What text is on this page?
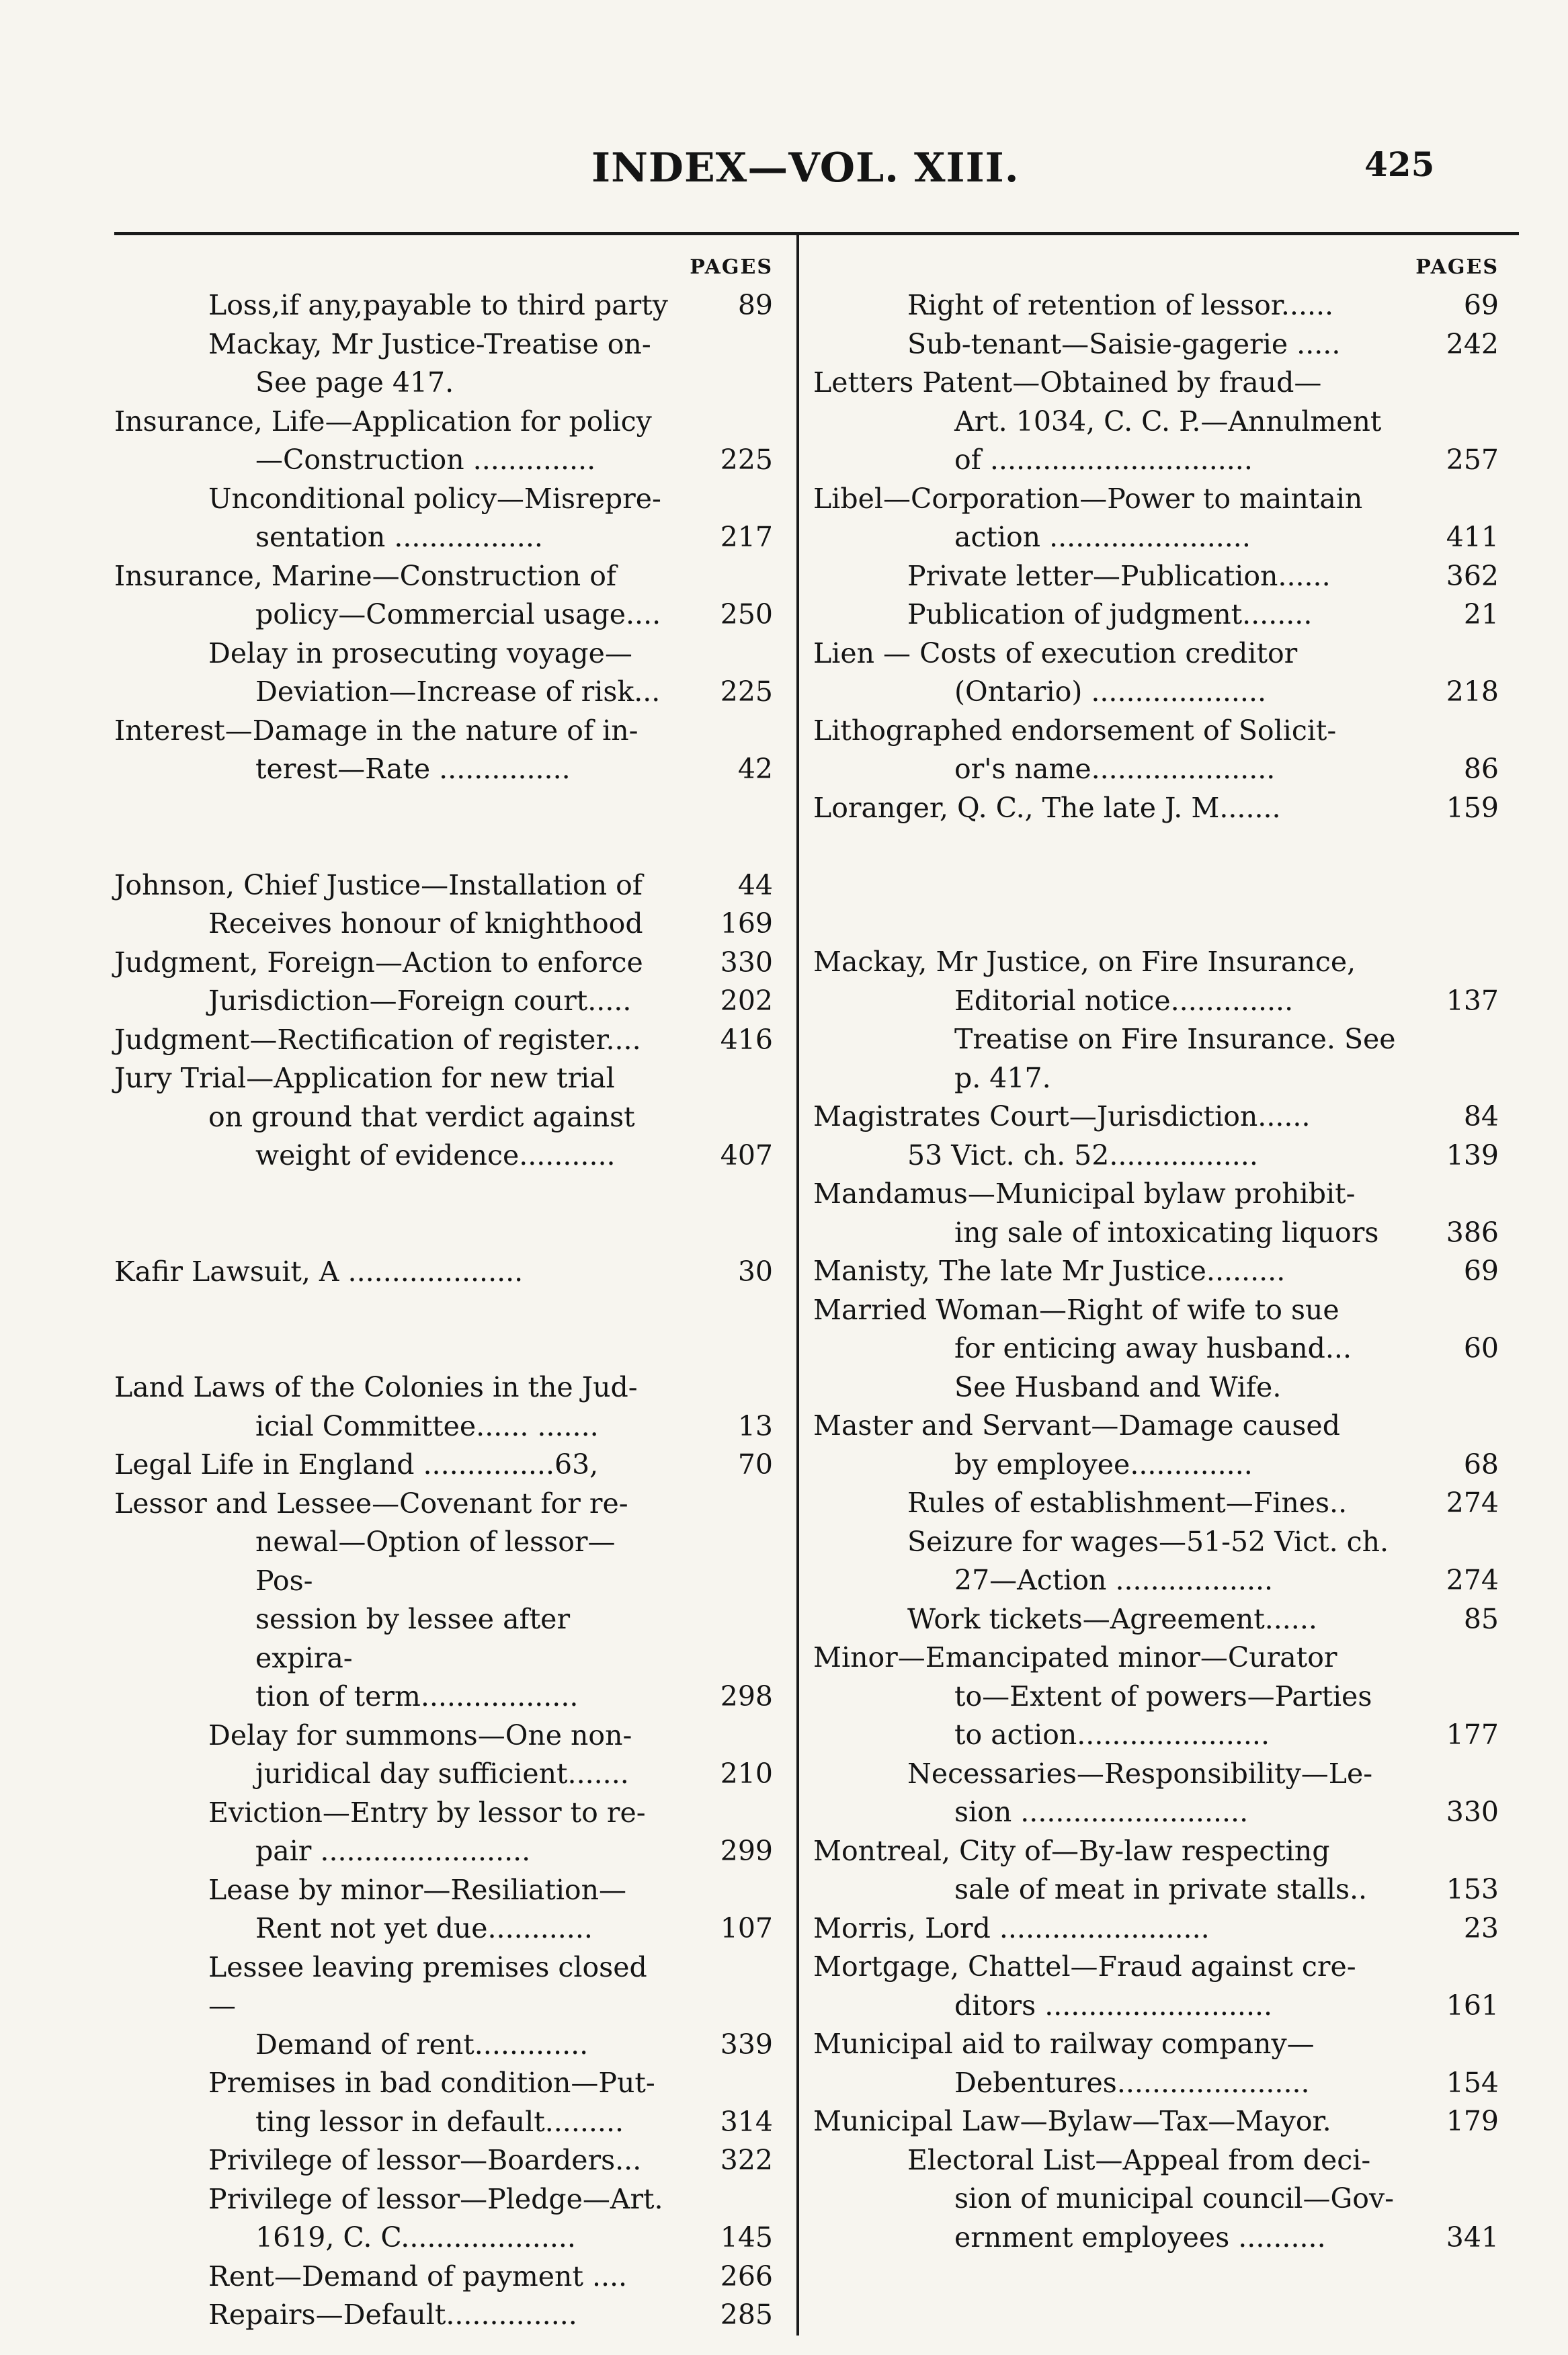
INDEX—VOL. XIII.	425
PAGES
Loss,if any,payable to third party	89
Mackay, Mr Justice-Treatise on-
See page 417.
Insurance, Life—Application for policy
—Construction ..............	225
Unconditional policy—Misrepre-
sentation .................	217
Insurance, Marine—Construction of
policy—Commercial usage....	250
Delay in prosecuting voyage—
Deviation—Increase of risk...	225
Interest—Damage in the nature of in-
terest—Rate ...............	42
Johnson, Chief Justice—Installation of	44
Receives honour of knighthood	169
Judgment, Foreign—Action to enforce	330
Jurisdiction—Foreign court.....	202
Judgment—Rectification of register....	416
Jury Trial—Application for new trial
on ground that verdict against
weight of evidence...........	407
Kafir Lawsuit, A ....................	30
Land Laws of the Colonies in the Jud-
icial Committee...... .......	13
Legal Life in England ...............63,	70
Lessor and Lessee—Covenant for re-
newal—Option of lessor—Pos-
session by lessee after expira-
tion of term..................	298
Delay for summons—One non-
juridical day sufficient.......	210
Eviction—Entry by lessor to re-
pair ........................	299
Lease by minor—Resiliation—
Rent not yet due............	107
Lessee leaving premises closed—
Demand of rent.............	339
Premises in bad condition—Put-
ting lessor in default.........	314
Privilege of lessor—Boarders...	322
Privilege of lessor—Pledge—Art.
1619, C. C....................	145
Rent—Demand of payment ....	266
Repairs—Default...............	285
PAGES
Right of retention of lessor......	69
Sub-tenant—Saisie-gagerie .....	242
Letters Patent—Obtained by fraud—
Art. 1034, C. C. P.—Annulment
of ..............................	257
Libel—Corporation—Power to maintain
action .......................	411
Private letter—Publication......	362
Publication of judgment........	21
Lien — Costs of execution creditor
(Ontario) ....................	218
Lithographed endorsement of Solicit-
or's name.....................	86
Loranger, Q. C., The late J. M.......	159
Mackay, Mr Justice, on Fire Insurance,
Editorial notice..............	137
Treatise on Fire Insurance. See
p. 417.
Magistrates Court—Jurisdiction......	84
53 Vict. ch. 52.................	139
Mandamus—Municipal bylaw prohibit-
ing sale of intoxicating liquors	386
Manisty, The late Mr Justice.........	69
Married Woman—Right of wife to sue
for enticing away husband...	60
See Husband and Wife.
Master and Servant—Damage caused
by employee..............	68
Rules of establishment—Fines..	274
Seizure for wages—51-52 Vict. ch.
27—Action ..................	274
Work tickets—Agreement......	85
Minor—Emancipated minor—Curator
to—Extent of powers—Parties
to action......................	177
Necessaries—Responsibility—Le-
sion ..........................	330
Montreal, City of—By-law respecting
sale of meat in private stalls..	153
Morris, Lord ........................	23
Mortgage, Chattel—Fraud against cre-
ditors ..........................	161
Municipal aid to railway company—
Debentures......................	154
Municipal Law—Bylaw—Tax—Mayor.	179
Electoral List—Appeal from deci-
sion of municipal council—Gov-
ernment employees ..........	341
